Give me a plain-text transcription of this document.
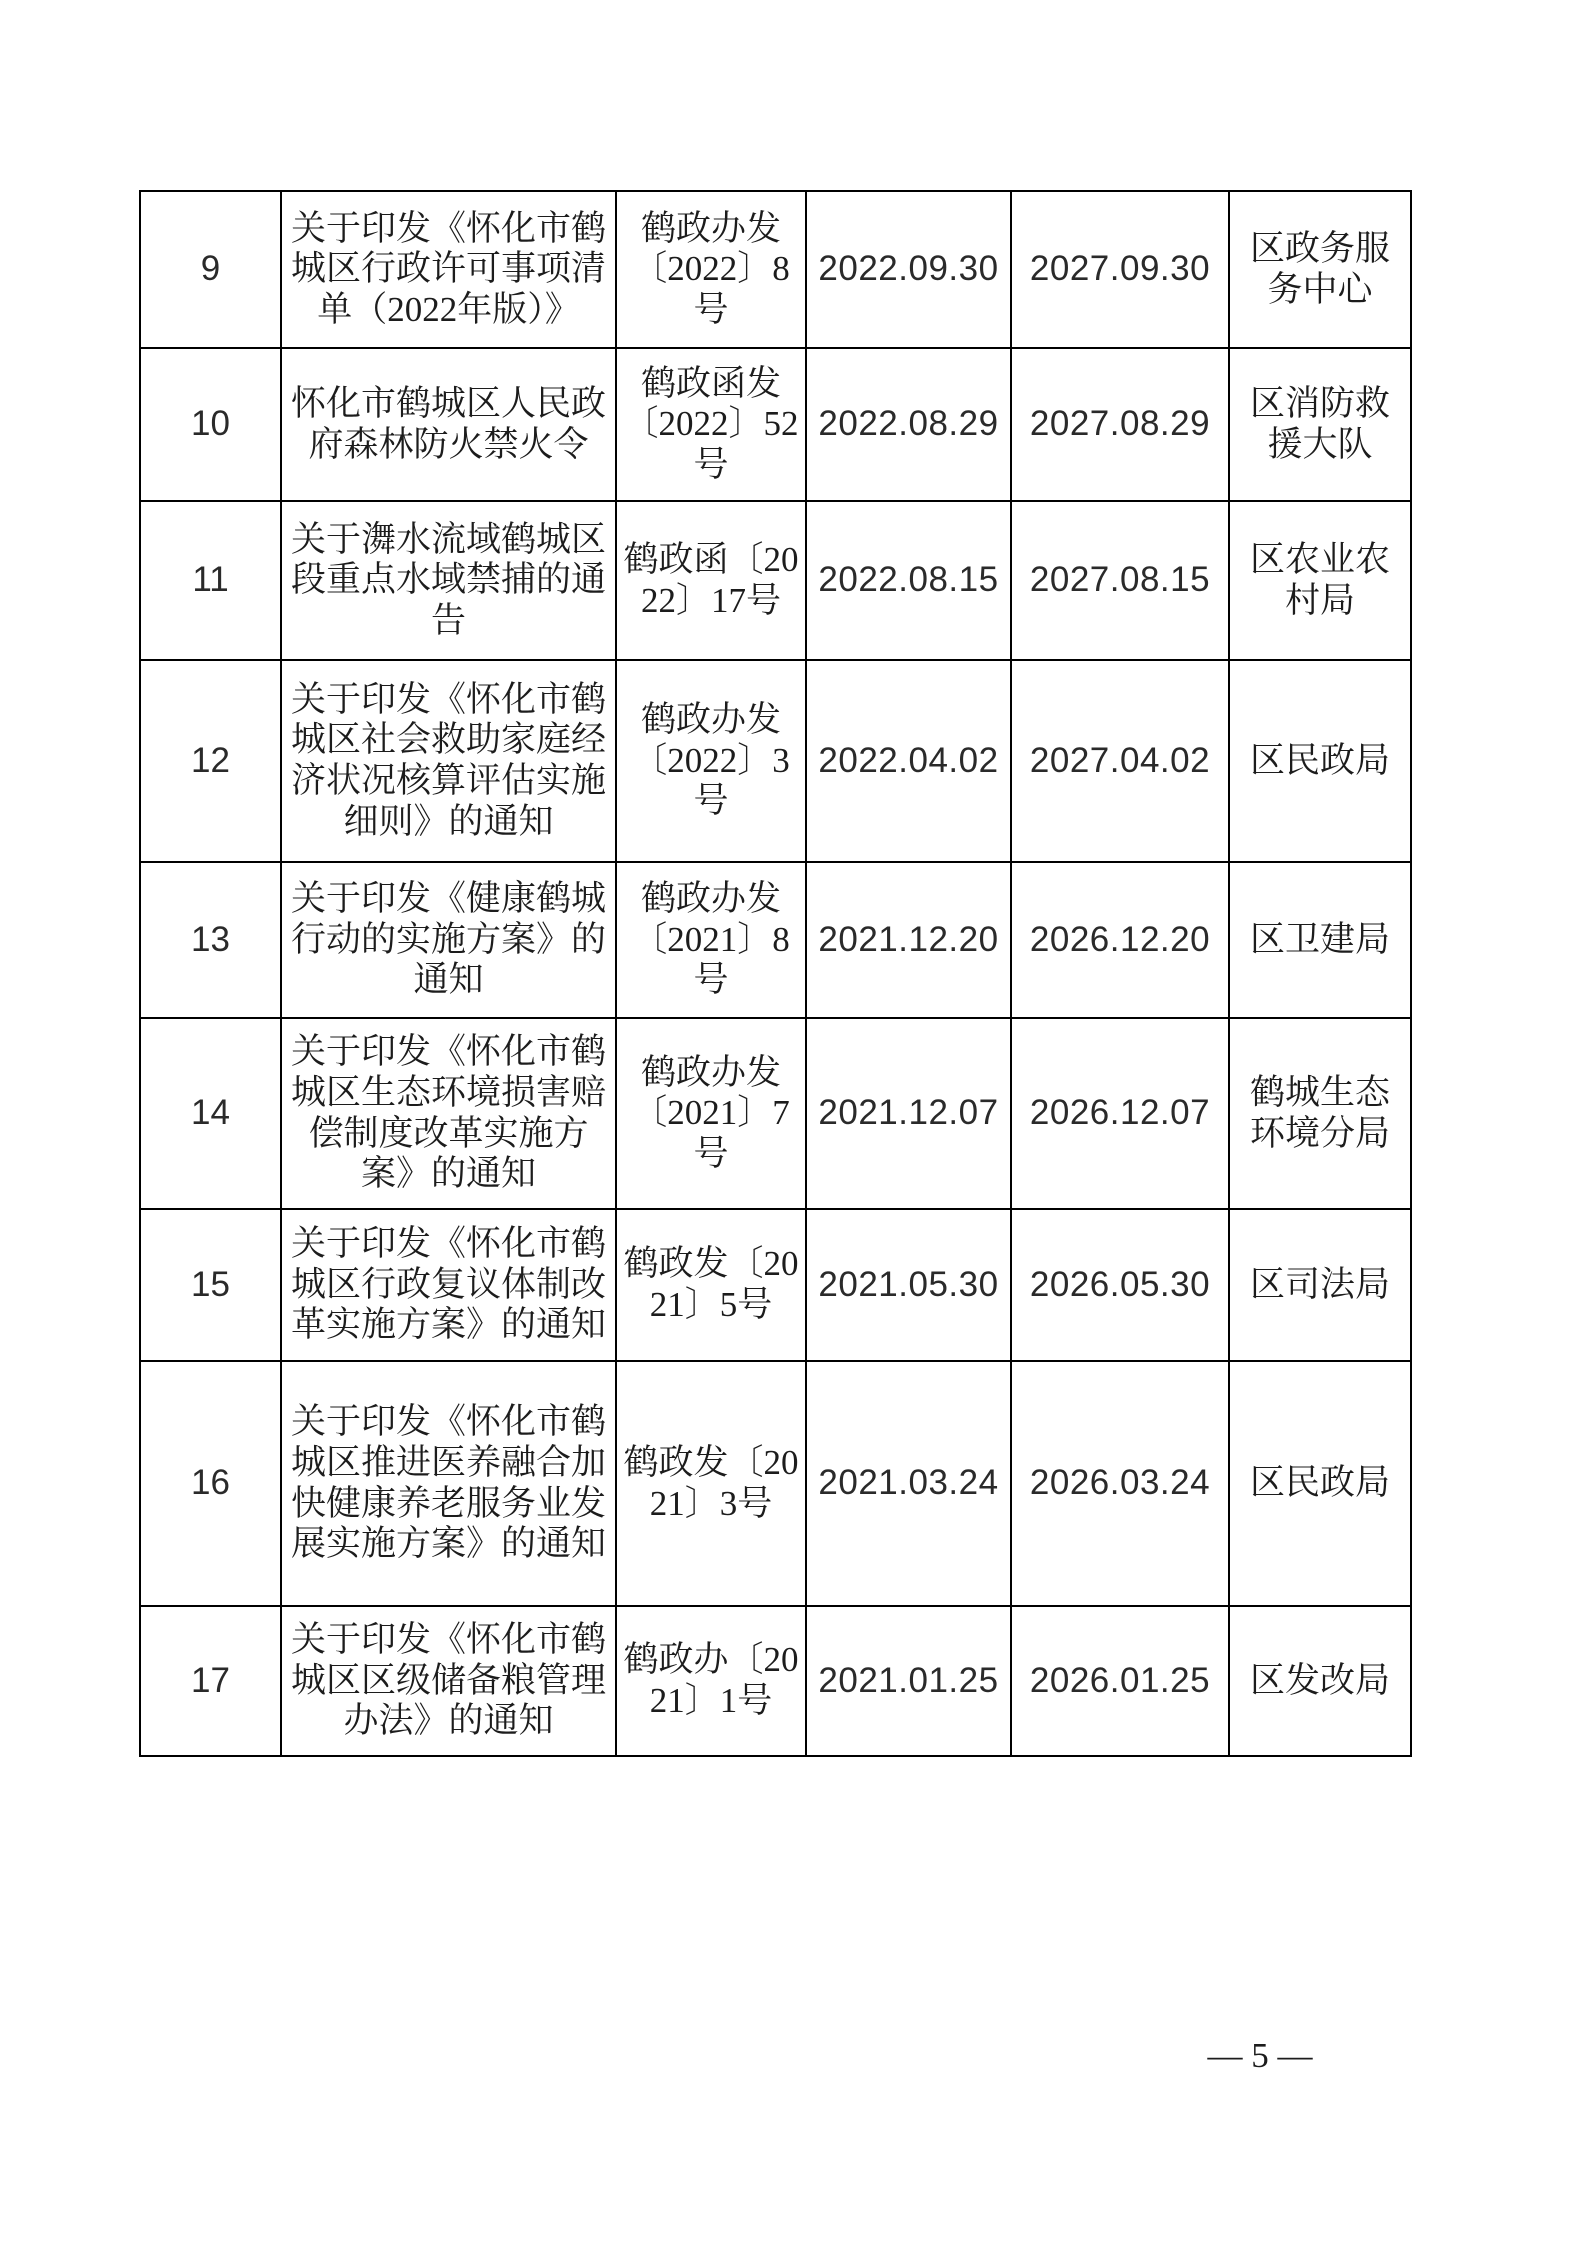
9	关于印发《怀化市鹤城区行政许可事项清单（2022年版）》	鹤政办发〔2022〕8号	2022.09.30	2027.09.30	区政务服务中心
10	怀化市鹤城区人民政府森林防火禁火令	鹤政函发〔2022〕52号	2022.08.29	2027.08.29	区消防救援大队
11	关于㵲水流域鹤城区段重点水域禁捕的通告	鹤政函〔2022〕17号	2022.08.15	2027.08.15	区农业农村局
12	关于印发《怀化市鹤城区社会救助家庭经济状况核算评估实施细则》的通知	鹤政办发〔2022〕3号	2022.04.02	2027.04.02	区民政局
13	关于印发《健康鹤城行动的实施方案》的通知	鹤政办发〔2021〕8号	2021.12.20	2026.12.20	区卫建局
14	关于印发《怀化市鹤城区生态环境损害赔偿制度改革实施方案》的通知	鹤政办发〔2021〕7号	2021.12.07	2026.12.07	鹤城生态环境分局
15	关于印发《怀化市鹤城区行政复议体制改革实施方案》的通知	鹤政发〔2021〕5号	2021.05.30	2026.05.30	区司法局
16	关于印发《怀化市鹤城区推进医养融合加快健康养老服务业发展实施方案》的通知	鹤政发〔2021〕3号	2021.03.24	2026.03.24	区民政局
17	关于印发《怀化市鹤城区区级储备粮管理办法》的通知	鹤政办〔2021〕1号	2021.01.25	2026.01.25	区发改局
— 5 —
